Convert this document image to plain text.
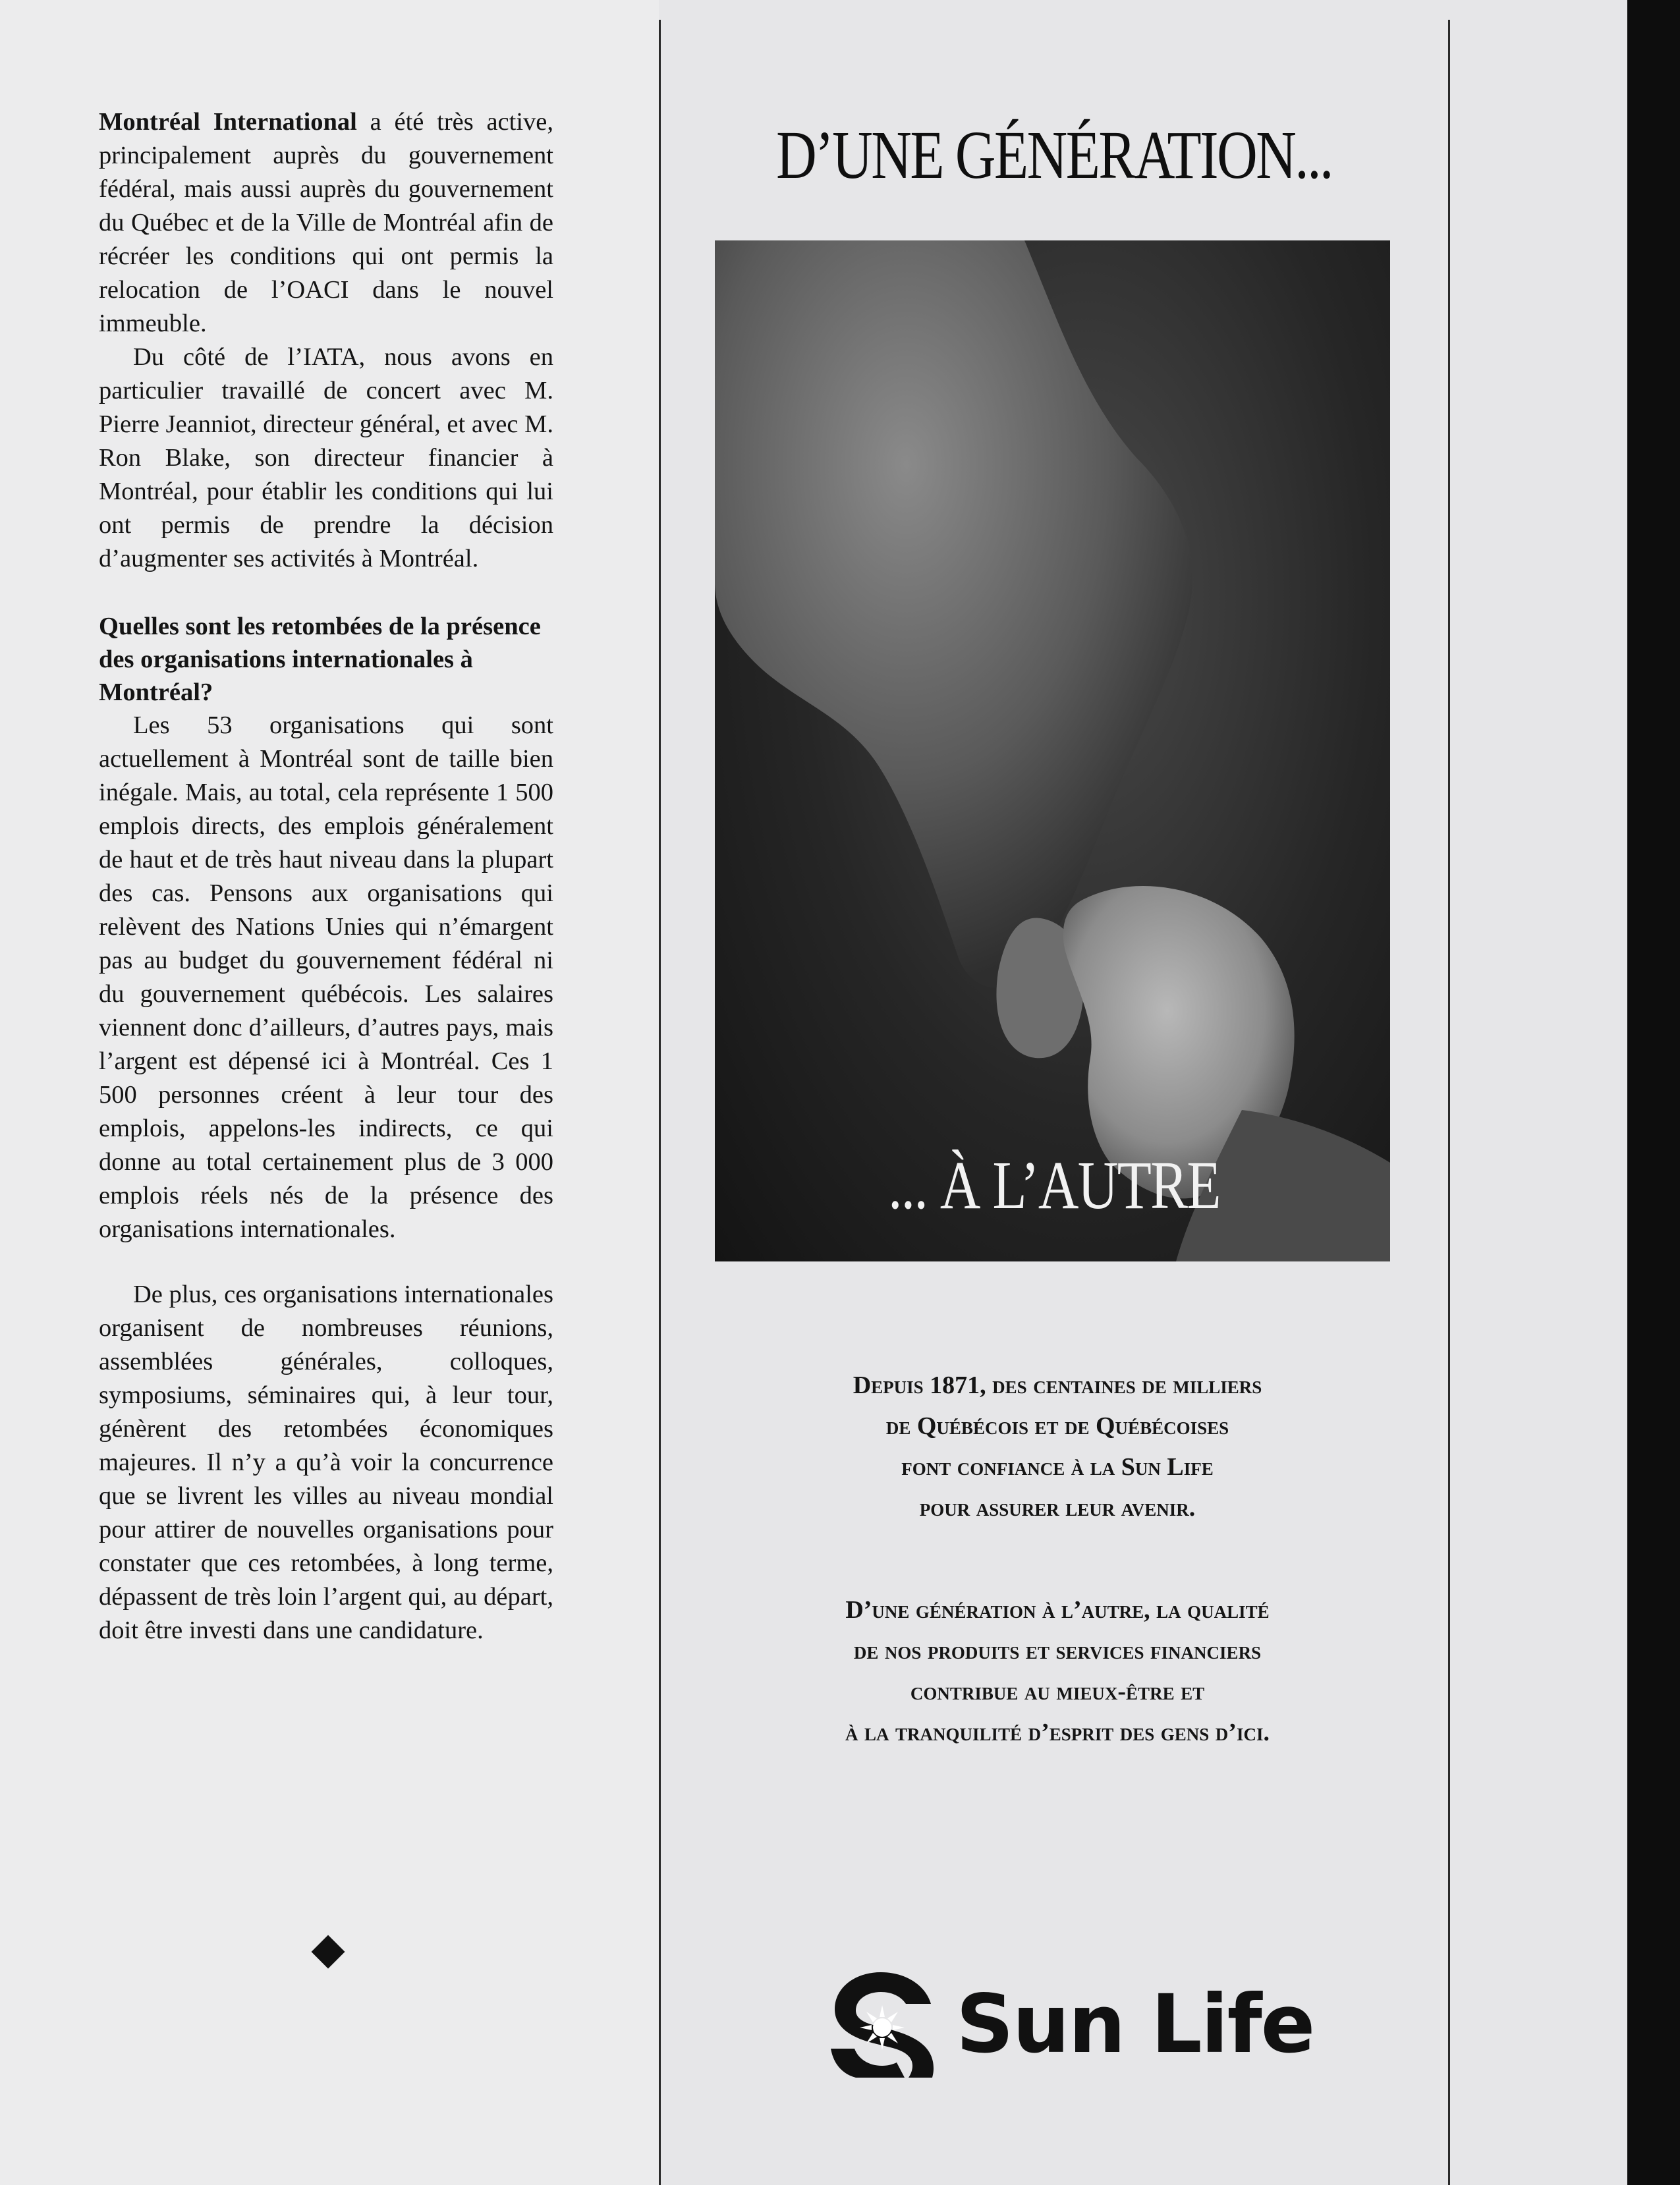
Montréal International a été très active, principalement auprès du gouvernement fédéral, mais aussi auprès du gouvernement du Québec et de la Ville de Montréal afin de récréer les conditions qui ont permis la relocation de l’OACI dans le nouvel immeuble.

Du côté de l’IATA, nous avons en particulier travaillé de concert avec M. Pierre Jeanniot, directeur général, et avec M. Ron Blake, son directeur financier à Montréal, pour établir les conditions qui lui ont permis de prendre la décision d’augmenter ses activités à Montréal.

Quelles sont les retombées de la présence des organisations internationales à Montréal?

Les 53 organisations qui sont actuellement à Montréal sont de taille bien inégale. Mais, au total, cela représente 1 500 emplois directs, des emplois généralement de haut et de très haut niveau dans la plupart des cas. Pensons aux organisations qui relèvent des Nations Unies qui n’émargent pas au budget du gouvernement fédéral ni du gouvernement québécois. Les salaires viennent donc d’ailleurs, d’autres pays, mais l’argent est dépensé ici à Montréal. Ces 1 500 personnes créent à leur tour des emplois, appelons-les indirects, ce qui donne au total certainement plus de 3 000 emplois réels nés de la présence des organisations internationales.

De plus, ces organisations internationales organisent de nombreuses réunions, assemblées générales, colloques, symposiums, séminaires qui, à leur tour, génèrent des retombées économiques majeures. Il n’y a qu’à voir la concurrence que se livrent les villes au niveau mondial pour attirer de nouvelles organisations pour constater que ces retombées, à long terme, dépassent de très loin l’argent qui, au départ, doit être investi dans une candidature.

D’UNE GÉNÉRATION...
... À L’AUTRE

Depuis 1871, des centaines de milliers

de Québécois et de Québécoises

font confiance à la Sun Life

pour assurer leur avenir.

D’une génération à l’autre, la qualité

de nos produits et services financiers

contribue au mieux-être et

à la tranquilité d’esprit des gens d’ici.

Sun Life
